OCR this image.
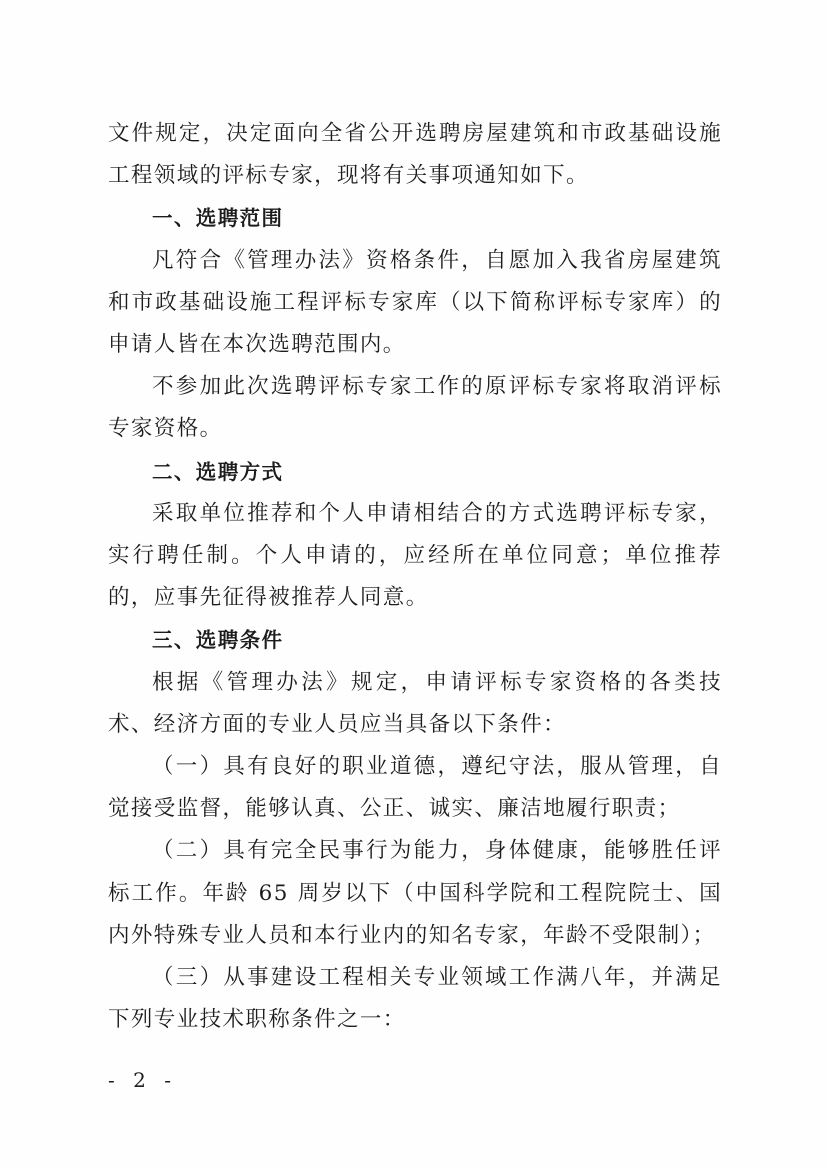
文件规定，决定面向全省公开选聘房屋建筑和市政基础设施工程领域的评标专家，现将有关事项通知如下。

一、选聘范围

凡符合《管理办法》资格条件，自愿加入我省房屋建筑和市政基础设施工程评标专家库（以下简称评标专家库）的申请人皆在本次选聘范围内。

不参加此次选聘评标专家工作的原评标专家将取消评标专家资格。

二、选聘方式

采取单位推荐和个人申请相结合的方式选聘评标专家，实行聘任制。个人申请的，应经所在单位同意；单位推荐的，应事先征得被推荐人同意。

三、选聘条件

根据《管理办法》规定，申请评标专家资格的各类技术、经济方面的专业人员应当具备以下条件：

（一）具有良好的职业道德，遵纪守法，服从管理，自觉接受监督，能够认真、公正、诚实、廉洁地履行职责；

（二）具有完全民事行为能力，身体健康，能够胜任评标工作。年龄 65 周岁以下（中国科学院和工程院院士、国内外特殊专业人员和本行业内的知名专家，年龄不受限制）；

（三）从事建设工程相关专业领域工作满八年，并满足下列专业技术职称条件之一：

- 2 -
